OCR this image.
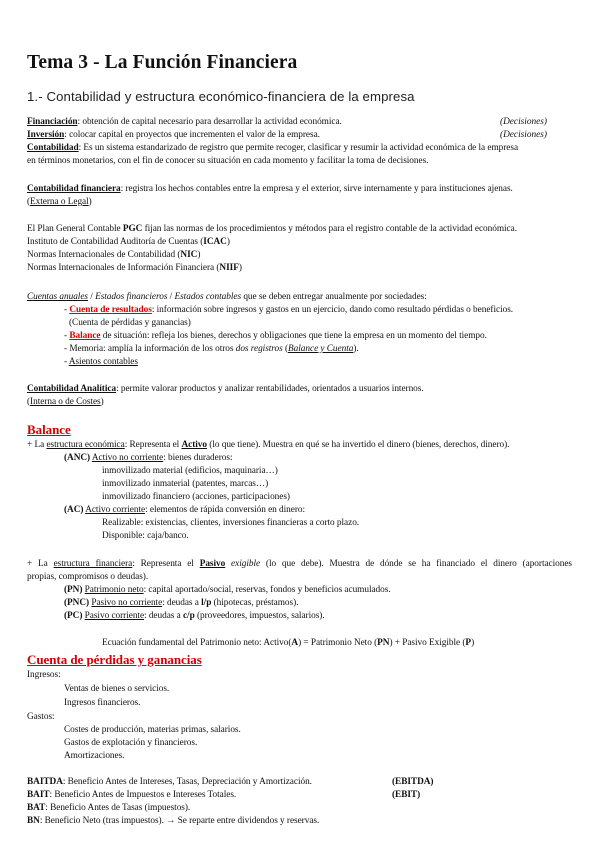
Tema 3 - La Función Financiera
1.- Contabilidad y estructura económico-financiera de la empresa
Financiación: obtención de capital necesario para desarrollar la actividad económica.	(Decisiones)
Inversión: colocar capital en proyectos que incrementen el valor de la empresa.	(Decisiones)
Contabilidad: Es un sistema estandarizado de registro que permite recoger, clasificar y resumir la actividad económica de la empresa
en términos monetarios, con el fin de conocer su situación en cada momento y facilitar la toma de decisiones.
Contabilidad financiera: registra los hechos contables entre la empresa y el exterior, sirve internamente y para instituciones ajenas.
(Externa o Legal)
El Plan General Contable PGC fijan las normas de los procedimientos y métodos para el registro contable de la actividad económica.
Instituto de Contabilidad Auditoría de Cuentas (ICAC)
Normas Internacionales de Contabilidad (NIC)
Normas Internacionales de Información Financiera (NIIF)
Cuentas anuales / Estados financieros / Estados contables que se deben entregar anualmente por sociedades:
- Cuenta de resultados: información sobre ingresos y gastos en un ejercicio, dando como resultado pérdidas o beneficios.
(Cuenta de pérdidas y ganancias)
- Balance de situación: refleja los bienes, derechos y obligaciones que tiene la empresa en un momento del tiempo.
- Memoria: amplía la información de los otros dos registros (Balance y Cuenta).
- Asientos contables
Contabilidad Analítica: permite valorar productos y analizar rentabilidades, orientados a usuarios internos.
(Interna o de Costes)
Balance
+ La estructura económica: Representa el Activo (lo que tiene). Muestra en qué se ha invertido el dinero (bienes, derechos, dinero).
(ANC) Activo no corriente: bienes duraderos:
inmovilizado material (edificios, maquinaria…)
inmovilizado inmaterial (patentes, marcas…)
inmovilizado financiero (acciones, participaciones)
(AC) Activo corriente: elementos de rápida conversión en dinero:
Realizable: existencias, clientes, inversiones financieras a corto plazo.
Disponible: caja/banco.
+ La estructura financiera: Representa el Pasivo exigible (lo que debe). Muestra de dónde se ha financiado el dinero (aportaciones
propias, compromisos o deudas).
(PN) Patrimonio neto: capital aportado/social, reservas, fondos y beneficios acumulados.
(PNC) Pasivo no corriente: deudas a l/p (hipotecas, préstamos).
(PC) Pasivo corriente: deudas a c/p (proveedores, impuestos, salarios).
Ecuación fundamental del Patrimonio neto: Activo(A) = Patrimonio Neto (PN) + Pasivo Exigible (P)
Cuenta de pérdidas y ganancias
Ingresos:
Ventas de bienes o servicios.
Ingresos financieros.
Gastos:
Costes de producción, materias primas, salarios.
Gastos de explotación y financieros.
Amortizaciones.
BAITDA: Beneficio Antes de Intereses, Tasas, Depreciación y Amortización.	(EBITDA)
BAIT: Beneficio Antes de Impuestos e Intereses Totales.	(EBIT)
BAT: Beneficio Antes de Tasas (impuestos).
BN: Beneficio Neto (tras impuestos). → Se reparte entre dividendos y reservas.
